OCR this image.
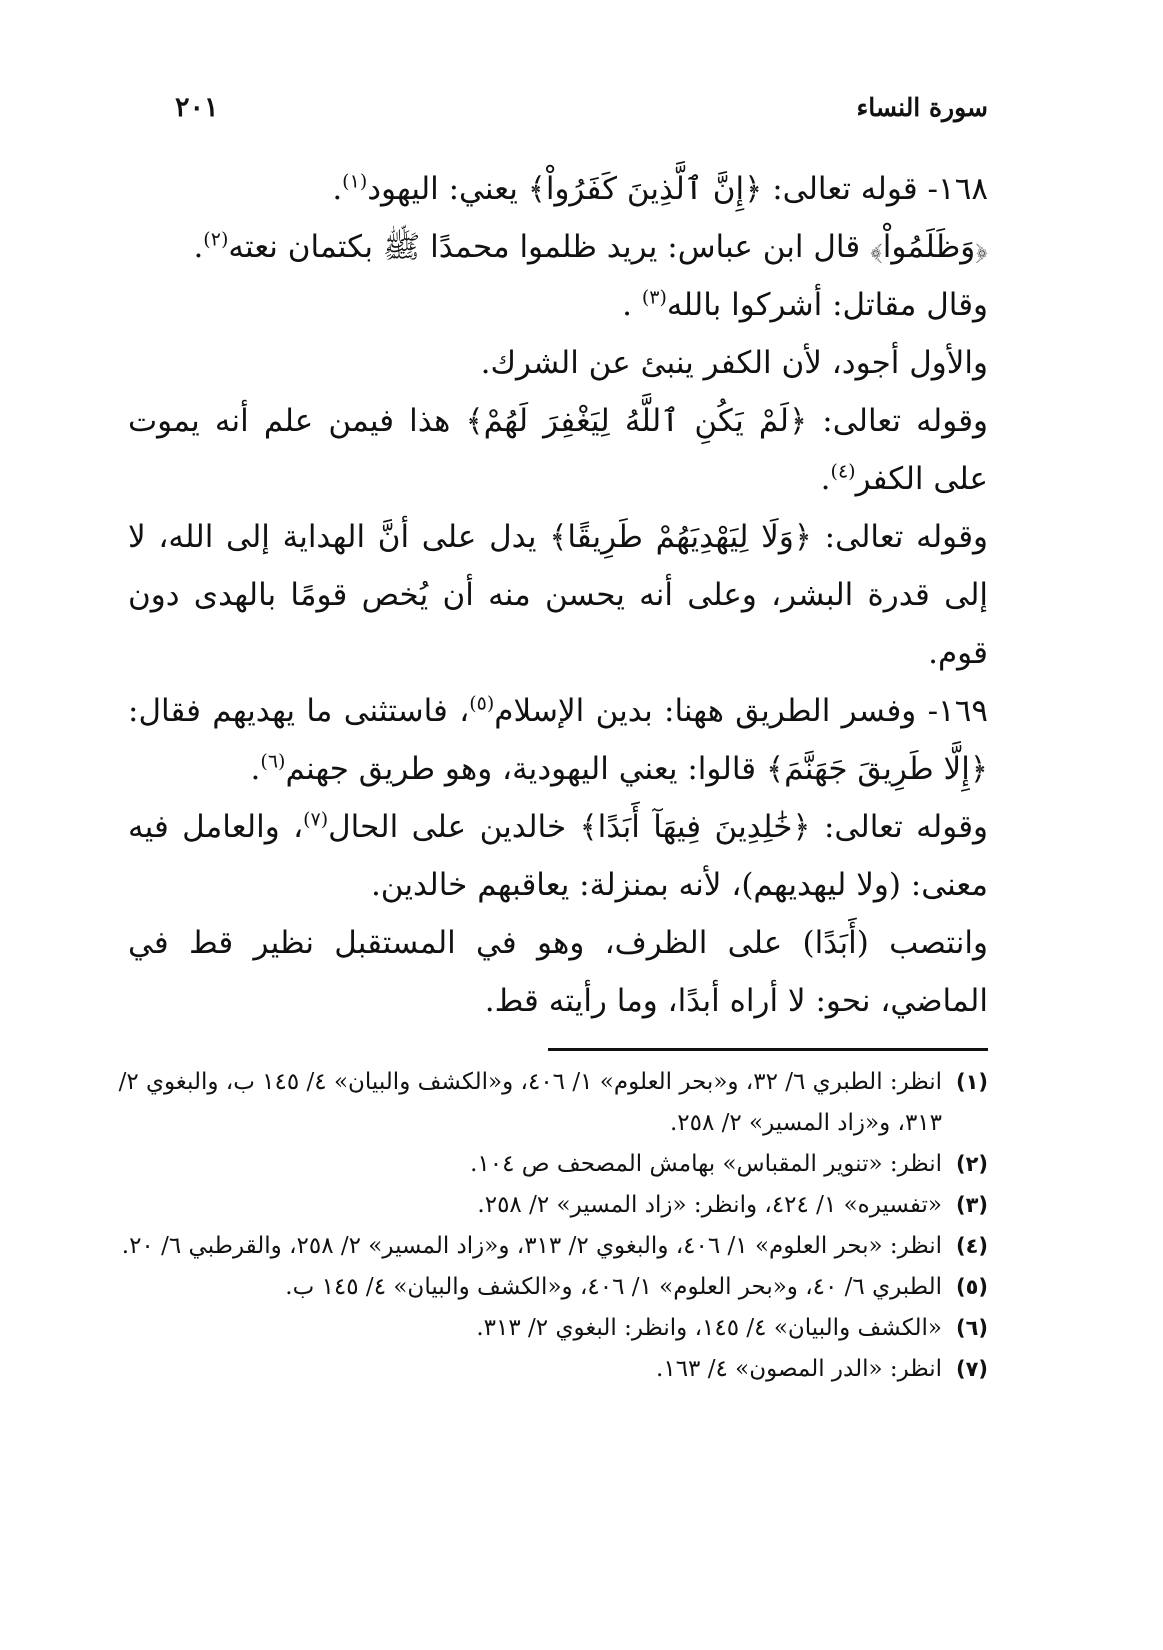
سورة النساء
٢٠١

١٦٨- قوله تعالى: ﴿إِنَّ ٱلَّذِينَ كَفَرُواْ﴾ يعني: اليهود$^{(١)}$.

﴿وَظَلَمُواْ﴾ قال ابن عباس: يريد ظلموا محمدًا ﷺ بكتمان نعته$^{(٢)}$.

وقال مقاتل: أشركوا بالله$^{(٣)}$ .

والأول أجود، لأن الكفر ينبئ عن الشرك.

وقوله تعالى: ﴿لَمْ يَكُنِ ٱللَّهُ لِيَغْفِرَ لَهُمْ﴾ هذا فيمن علم أنه يموت على الكفر$^{(٤)}$.

وقوله تعالى: ﴿وَلَا لِيَهْدِيَهُمْ طَرِيقًا﴾ يدل على أنَّ الهداية إلى الله، لا إلى قدرة البشر، وعلى أنه يحسن منه أن يُخص قومًا بالهدى دون قوم.

١٦٩- وفسر الطريق ههنا: بدين الإسلام$^{(٥)}$، فاستثنى ما يهديهم فقال: ﴿إِلَّا طَرِيقَ جَهَنَّمَ﴾ قالوا: يعني اليهودية، وهو طريق جهنم$^{(٦)}$.

وقوله تعالى: ﴿خَٰلِدِينَ فِيهَآ أَبَدًا﴾ خالدين على الحال$^{(٧)}$، والعامل فيه معنى: (ولا ليهديهم)، لأنه بمنزلة: يعاقبهم خالدين.

وانتصب (أَبَدًا) على الظرف، وهو في المستقبل نظير قط في الماضي، نحو: لا أراه أبدًا، وما رأيته قط.

(١)
انظر: الطبري ٦/ ٣٢، و«بحر العلوم» ١/ ٤٠٦، و«الكشف والبيان» ٤/ ١٤٥ ب، والبغوي ٢/ ٣١٣، و«زاد المسير» ٢/ ٢٥٨.

(٢)
انظر: «تنوير المقباس» بهامش المصحف ص ١٠٤.

(٣)
«تفسيره» ١/ ٤٢٤، وانظر: «زاد المسير» ٢/ ٢٥٨.

(٤)
انظر: «بحر العلوم» ١/ ٤٠٦، والبغوي ٢/ ٣١٣، و«زاد المسير» ٢/ ٢٥٨، والقرطبي ٦/ ٢٠.

(٥)
الطبري ٦/ ٤٠، و«بحر العلوم» ١/ ٤٠٦، و«الكشف والبيان» ٤/ ١٤٥ ب.

(٦)
«الكشف والبيان» ٤/ ١٤٥، وانظر: البغوي ٢/ ٣١٣.

(٧)
انظر: «الدر المصون» ٤/ ١٦٣.
